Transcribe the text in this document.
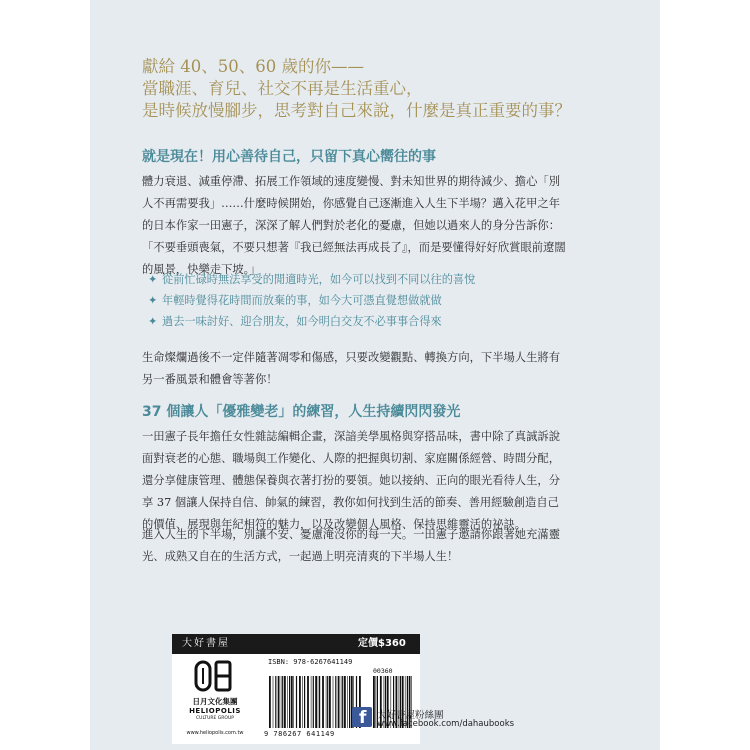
獻給 40、50、60 歲的你——
當職涯、育兒、社交不再是生活重心，
是時候放慢腳步，思考對自己來說，什麼是真正重要的事？
就是現在！用心善待自己，只留下真心嚮往的事

體力衰退、減重停滯、拓展工作領域的速度變慢、對未知世界的期待減少、擔心「別

人不再需要我」……什麼時候開始，你感覺自己逐漸進入人生下半場？邁入花甲之年

的日本作家一田憲子，深深了解人們對於老化的憂慮，但她以過來人的身分告訴你：

「不要垂頭喪氣，不要只想著『我已經無法再成長了』，而是要懂得好好欣賞眼前遼闊

的風景，快樂走下坡。」

✦ 從前忙碌時無法享受的閒適時光，如今可以找到不同以往的喜悅
✦ 年輕時覺得花時間而放棄的事，如今大可憑直覺想做就做
✦ 過去一味討好、迎合朋友，如今明白交友不必事事合得來

生命燦爛過後不一定伴隨著凋零和傷感，只要改變觀點、轉換方向，下半場人生將有

另一番風景和體會等著你！

37 個讓人「優雅變老」的練習，人生持續閃閃發光

一田憲子長年擔任女性雜誌編輯企畫，深諳美學風格與穿搭品味，書中除了真誠訴說

面對衰老的心態、職場與工作變化、人際的把握與切割、家庭關係經營、時間分配，

還分享健康管理、體態保養與衣著打扮的要領。她以接納、正向的眼光看待人生，分

享 37 個讓人保持自信、帥氣的練習，教你如何找到生活的節奏、善用經驗創造自己

的價值、展現與年紀相符的魅力，以及改變個人風格、保持思維靈活的祕訣。

進入人生的下半場，別讓不安、憂慮淹沒你的每一天。一田憲子邀請你跟著她充滿靈

光、成熟又自在的生活方式，一起過上明亮清爽的下半場人生！

大好書屋	定價$360
日月文化集團
HELIOPOLIS
CULTURE GROUP
www.heliopolis.com.tw
ISBN: 978-6267641149
00360
9 786267 641149
f 大好書屋粉絲團
www.facebook.com/dahaubooks
